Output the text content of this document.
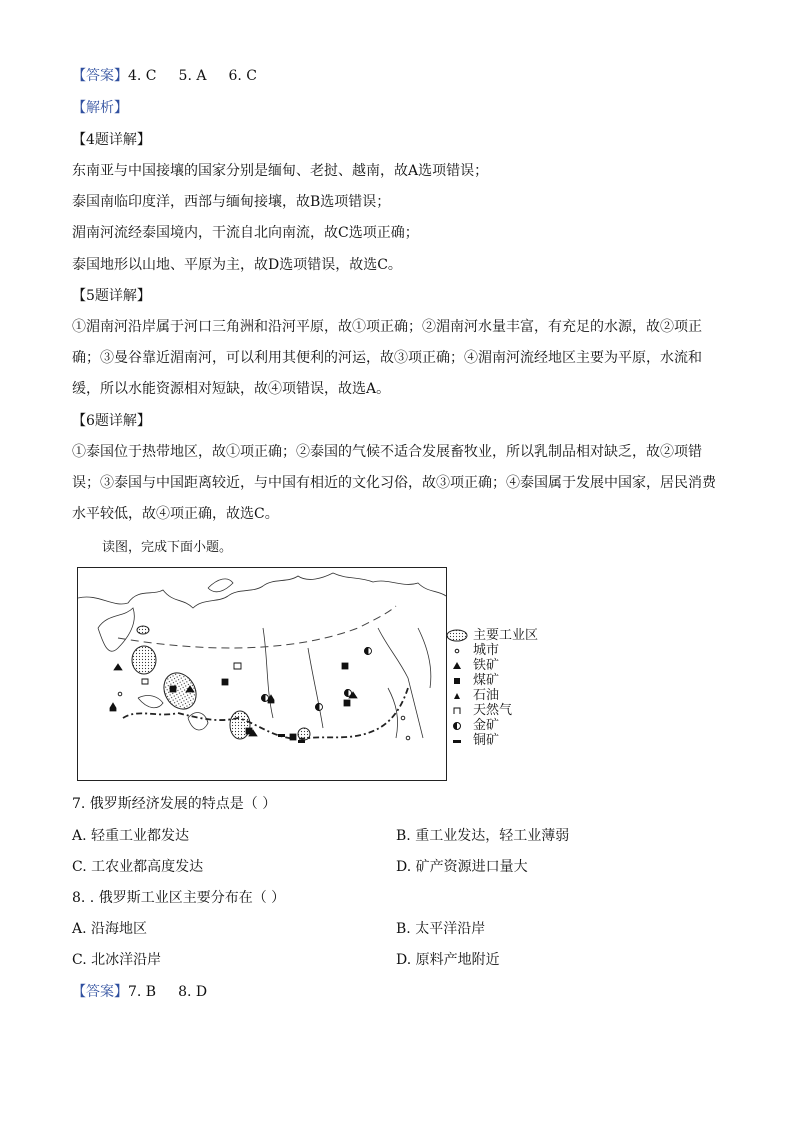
【答案】4. C 5. A 6. C
【解析】
【4题详解】
东南亚与中国接壤的国家分别是缅甸、老挝、越南，故A选项错误；
泰国南临印度洋，西部与缅甸接壤，故B选项错误；
湄南河流经泰国境内，干流自北向南流，故C选项正确；
泰国地形以山地、平原为主，故D选项错误，故选C。
【5题详解】
①湄南河沿岸属于河口三角洲和沿河平原，故①项正确；②湄南河水量丰富，有充足的水源，故②项正
确；③曼谷靠近湄南河，可以利用其便利的河运，故③项正确；④湄南河流经地区主要为平原，水流和
缓，所以水能资源相对短缺，故④项错误，故选A。
【6题详解】
①泰国位于热带地区，故①项正确；②泰国的气候不适合发展畜牧业，所以乳制品相对缺乏，故②项错
误；③泰国与中国距离较近，与中国有相近的文化习俗，故③项正确；④泰国属于发展中国家，居民消费
水平较低，故④项正确，故选C。
读图，完成下面小题。
主要工业区
城市
铁矿
煤矿
石油
天然气
金矿
铜矿
7. 俄罗斯经济发展的特点是（ ）
A. 轻重工业都发达	B. 重工业发达，轻工业薄弱
C. 工农业都高度发达	D. 矿产资源进口量大
8. . 俄罗斯工业区主要分布在（ ）
A. 沿海地区	B. 太平洋沿岸
C. 北冰洋沿岸	D. 原料产地附近
【答案】7. B 8. D
